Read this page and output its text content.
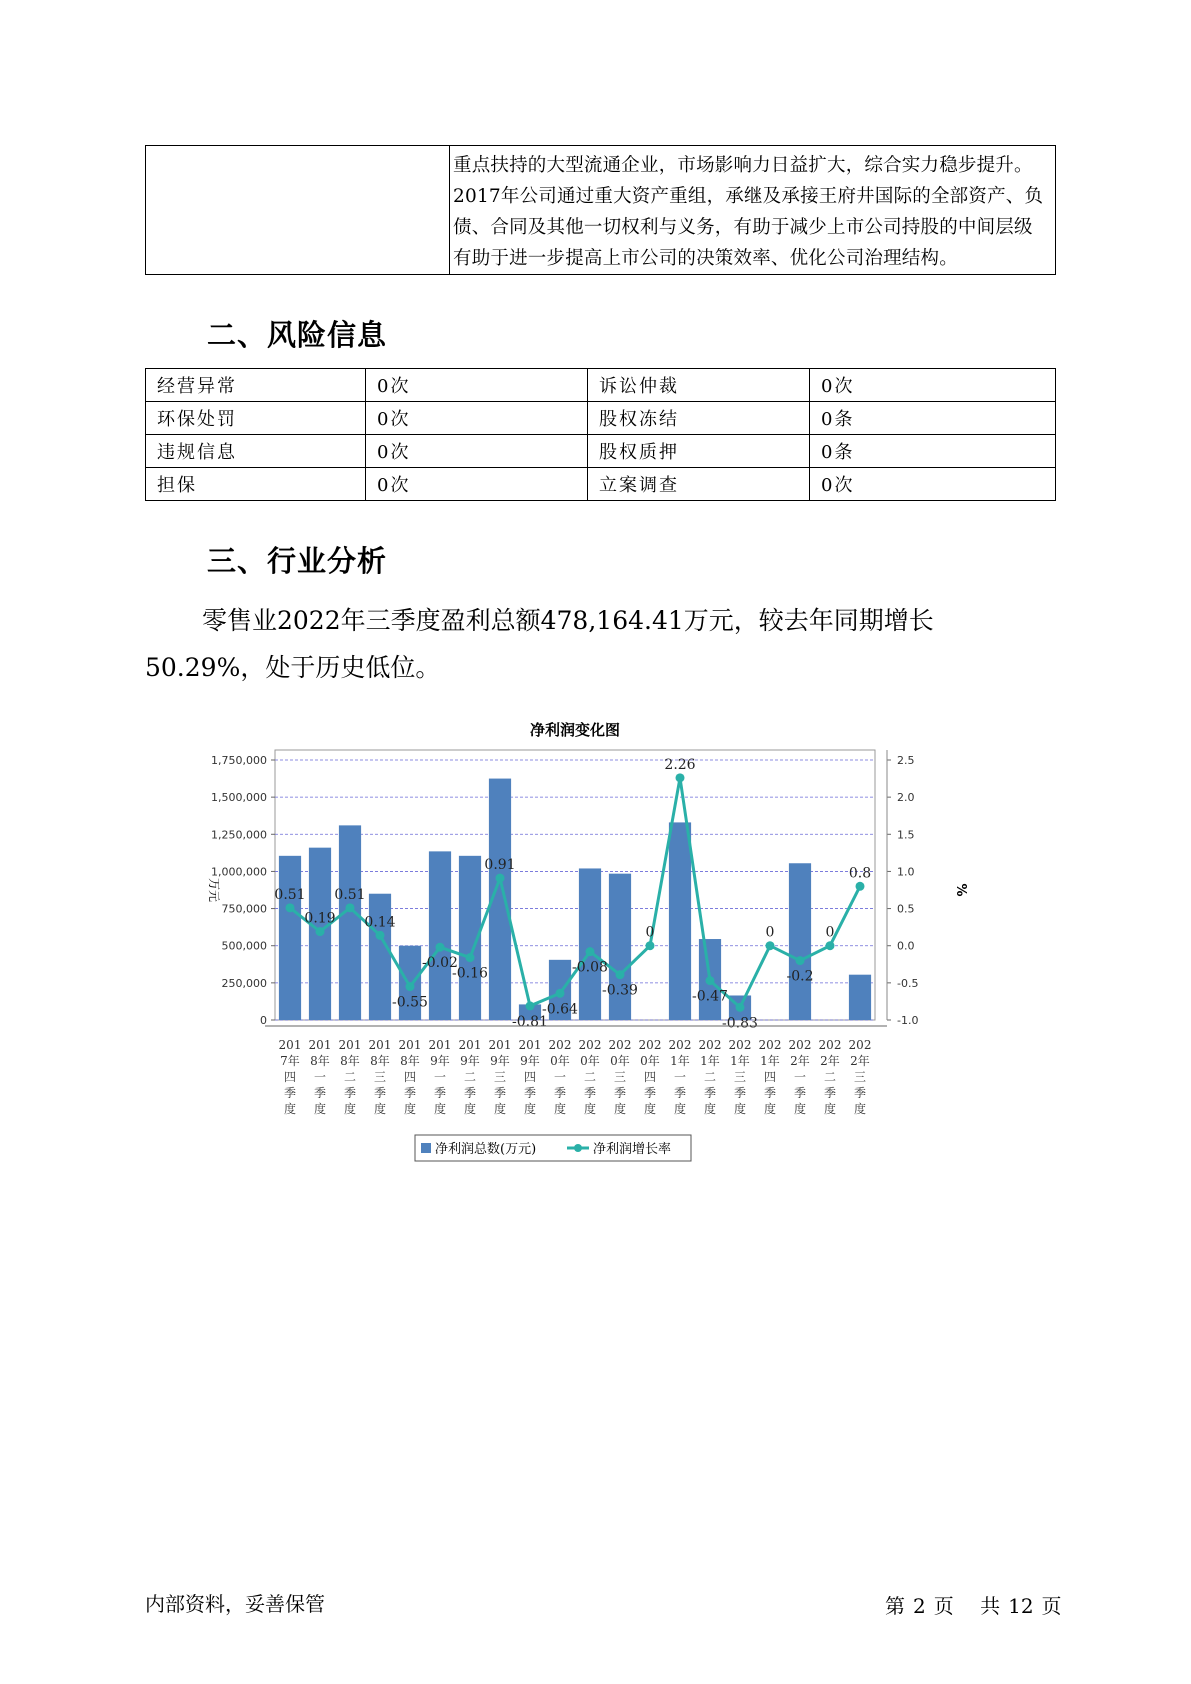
重点扶持的大型流通企业，市场影响力日益扩大，综合实力稳步提升。
2017年公司通过重大资产重组，承继及承接王府井国际的全部资产、负
债、合同及其他一切权利与义务，有助于减少上市公司持股的中间层级
有助于进一步提高上市公司的决策效率、优化公司治理结构。
二、风险信息
经营异常	0次	诉讼仲裁	0次
环保处罚	0次	股权冻结	0条
违规信息	0次	股权质押	0条
担保	0次	立案调查	0次
三、行业分析
零售业2022年三季度盈利总额478,164.41万元，较去年同期增长
50.29%，处于历史低位。
净利润变化图
0
250,000
500,000
750,000
1,000,000
1,250,000
1,500,000
1,750,000
-1.0
-0.5
0.0
0.5
1.0
1.5
2.0
2.5
万元	%
0.51
0.19
0.51
0.14
-0.55
-0.02
-0.16
0.91
-0.81
-0.64
-0.08
-0.39
0
2.26
-0.47
-0.83
0
-0.2
0
0.8
201
7年
四
季
度
201
8年
一
季
度
201
8年
二
季
度
201
8年
三
季
度
201
8年
四
季
度
201
9年
一
季
度
201
9年
二
季
度
201
9年
三
季
度
201
9年
四
季
度
202
0年
一
季
度
202
0年
二
季
度
202
0年
三
季
度
202
0年
四
季
度
202
1年
一
季
度
202
1年
二
季
度
202
1年
三
季
度
202
1年
四
季
度
202
2年
一
季
度
202
2年
二
季
度
202
2年
三
季
度
净利润总数(万元)	净利润增长率
内部资料，妥善保管	第 2 页 共 12 页
